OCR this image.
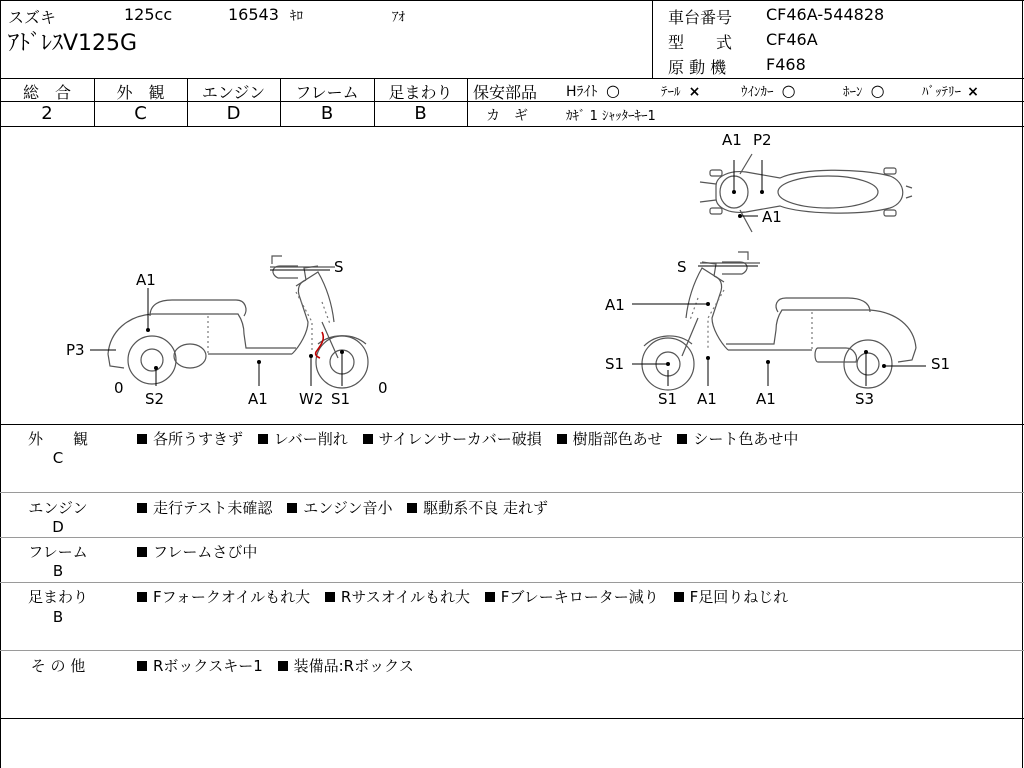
スズキ	125cc	16543 ｷﾛ	ｱｵ
ｱﾄﾞﾚｽV125G
車台番号 CF46A-544828
型　　式 CF46A
原 動 機 F468
総　合
2
外　観
C
エンジン
D
フレーム
B
足まわり
B
保安部品 Hﾗｲﾄ ○	ﾃｰﾙ ×	ｳｲﾝｶｰ ○	ﾎｰﾝ ○	ﾊﾞｯﾃﾘｰ ×
カ　ギ	ｶｷﾞ 1 ｼｬｯﾀｰｷｰ1
A1
P3
S
0
S2	A1 W2 S1
0
S
A1
S1
S1 A1	A1	S3
S1
A1 P2
A1
外　　観
C
各所うすきず レバー削れ サイレンサーカバー破損 樹脂部色あせ シート色あせ中
エンジン
D
走行テスト未確認 エンジン音小 駆動系不良 走れず
フレーム
B
フレームさび中
足まわり
B
Fフォークオイルもれ大 Rサスオイルもれ大 Fブレーキローター減り F足回りねじれ
そ の 他	Rボックスキー1 装備品:Rボックス
